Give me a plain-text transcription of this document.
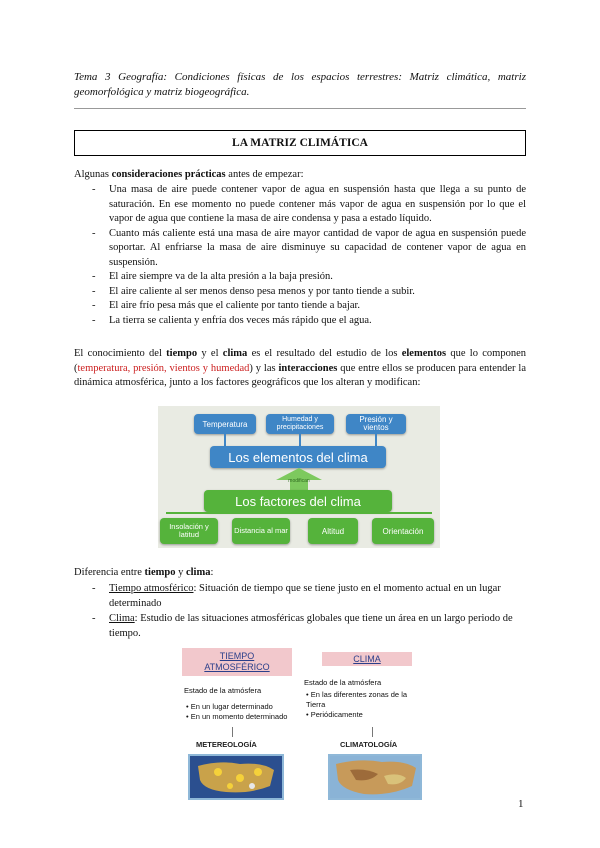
Tema 3 Geografía: Condiciones físicas de los espacios terrestres: Matriz climática, matriz geomorfológica y matriz biogeográfica.
LA MATRIZ CLIMÁTICA
Algunas consideraciones prácticas antes de empezar:
- Una masa de aire puede contener vapor de agua en suspensión hasta que llega a su punto de saturación. En ese momento no puede contener más vapor de agua en suspensión por lo que el vapor de agua que contiene la masa de aire condensa y pasa a estado líquido.
- Cuanto más caliente está una masa de aire mayor cantidad de vapor de agua en suspensión puede soportar. Al enfriarse la masa de aire disminuye su capacidad de contener vapor de agua en suspensión.
- El aire siempre va de la alta presión a la baja presión.
- El aire caliente al ser menos denso pesa menos y por tanto tiende a subir.
- El aire frío pesa más que el caliente por tanto tiende a bajar.
- La tierra se calienta y enfría dos veces más rápido que el agua.
El conocimiento del tiempo y el clima es el resultado del estudio de los elementos que lo componen (temperatura, presión, vientos y humedad) y las interacciones que entre ellos se producen para entender la dinámica atmosférica, junto a los factores geográficos que los alteran y modifican:
Temperatura	Humedad y precipitaciones
Presión y vientos
Los elementos del clima
modifican
Los factores del clima
Insolación y latitud	Distancia al mar	Altitud	Orientación
Diferencia entre tiempo y clima:
- Tiempo atmosférico: Situación de tiempo que se tiene justo en el momento actual en un lugar determinado
- Clima: Estudio de las situaciones atmosféricas globales que tiene un área en un largo periodo de tiempo.
TIEMPO ATMOSFÉRICO
Estado de la atmósfera
• En un lugar determinado
• En un momento determinado
METEREOLOGÍA
CLIMA
Estado de la atmósfera
• En las diferentes zonas de la Tierra
• Periódicamente
CLIMATOLOGÍA
1
